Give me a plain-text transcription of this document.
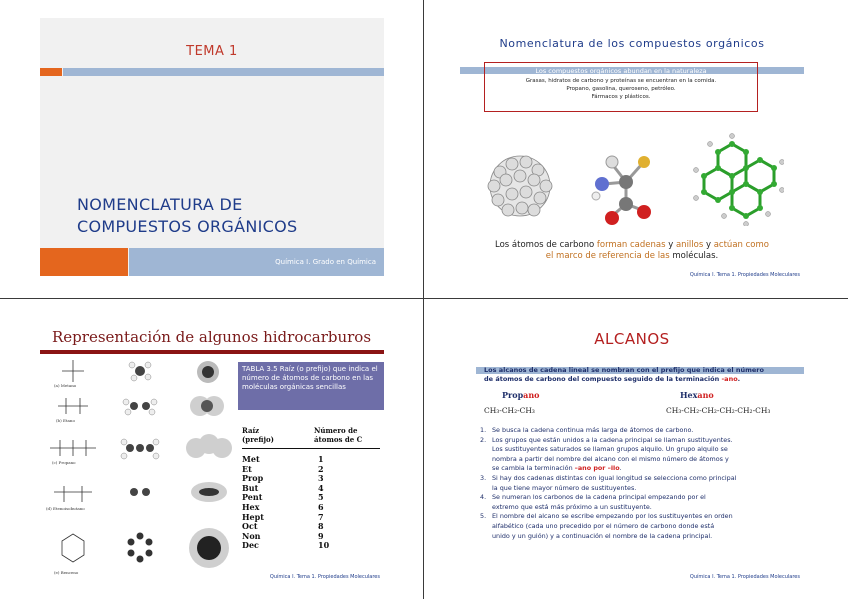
TEMA 1
NOMENCLATURA DE
COMPUESTOS ORGÁNICOS
Química I. Grado en Química
Nomenclatura de los compuestos orgánicos
Los compuestos orgánicos abundan en la naturaleza
Grasas, hidratos de carbono y proteínas se encuentran en la comida.
Propano, gasolina, queroseno, petróleo.
Fármacos y plásticos.
Los átomos de carbono forman cadenas y anillos y actúan como
el marco de referencia de las moléculas.
Química I. Tema 1. Propiedades Moleculares
Representación de algunos hidrocarburos
(a) Metano
(b) Etano
(c) Propano
(d) Etenoisobutano
(e) Benceno
TABLA 3.5 Raíz (o prefijo) que indica el número de átomos de carbono en las moléculas orgánicas sencillas
Raíz
(prefijo)
Número de
átomos de C
Met	1
Et	2
Prop	3
But	4
Pent	5
Hex	6
Hept	7
Oct	8
Non	9
Dec	10
Química I. Tema 1. Propiedades Moleculares
ALCANOS
Los alcanos de cadena lineal se nombran con el prefijo que indica el número
de átomos de carbono del compuesto seguido de la terminación -ano.
Propano	Hexano
CH₃-CH₂-CH₃	CH₃-CH₂-CH₂-CH₂-CH₂-CH₃
1. Se busca la cadena continua más larga de átomos de carbono.
2. Los grupos que están unidos a la cadena principal se llaman sustituyentes.
Los sustituyentes saturados se llaman grupos alquilo. Un grupo alquilo se
nombra a partir del nombre del alcano con el mismo número de átomos y
se cambia la terminación –ano por –ilo.
3. Si hay dos cadenas distintas con igual longitud se selecciona como principal
la que tiene mayor número de sustituyentes.
4. Se numeran los carbonos de la cadena principal empezando por el
extremo que está más próximo a un sustituyente.
5. El nombre del alcano se escribe empezando por los sustituyentes en orden
alfabético (cada uno precedido por el número de carbono donde está
unido y un guión) y a continuación el nombre de la cadena principal.
Química I. Tema 1. Propiedades Moleculares
